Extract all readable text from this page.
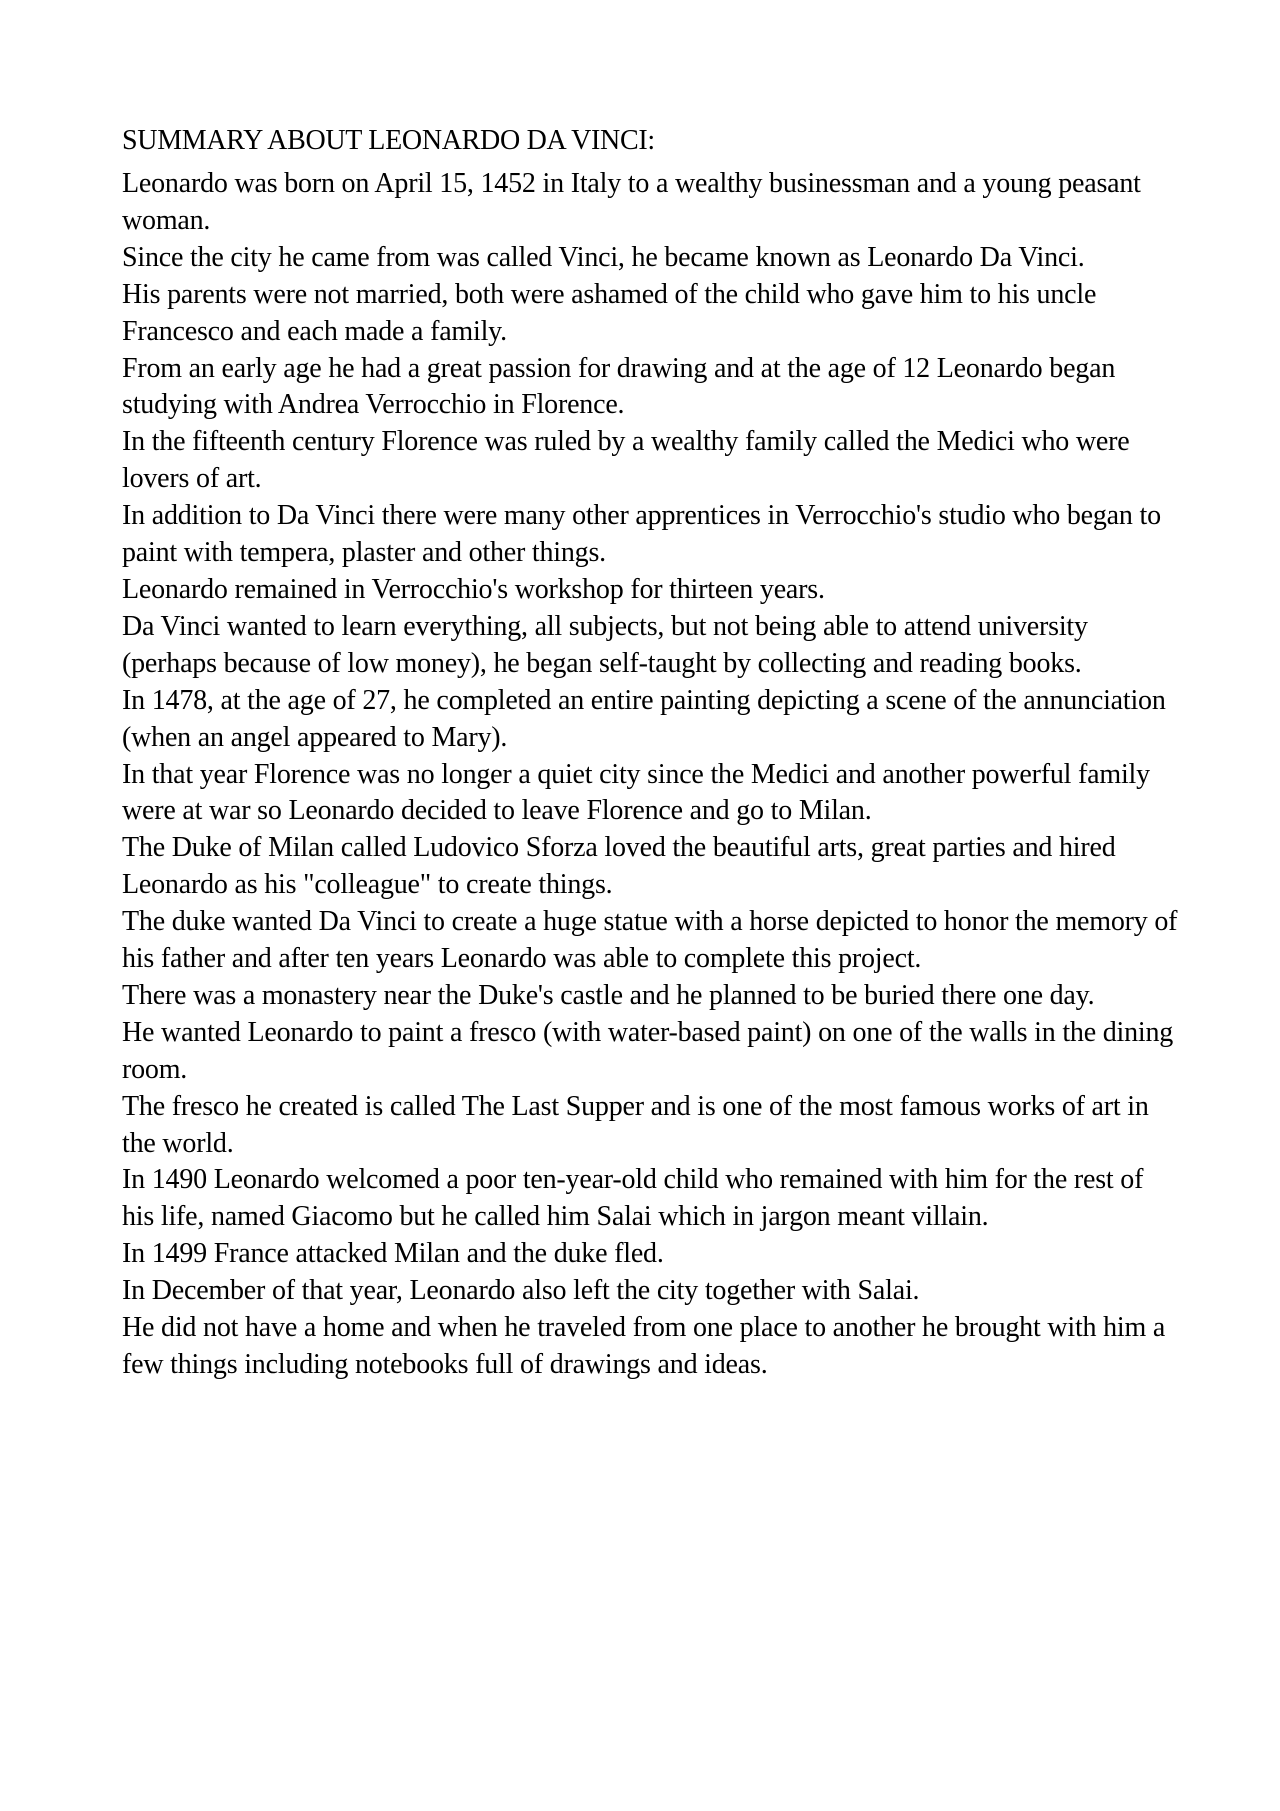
SUMMARY ABOUT LEONARDO DA VINCI:

Leonardo was born on April 15, 1452 in Italy to a wealthy businessman and a young peasant woman.

Since the city he came from was called Vinci, he became known as Leonardo Da Vinci.

His parents were not married, both were ashamed of the child who gave him to his uncle Francesco and each made a family.

From an early age he had a great passion for drawing and at the age of 12 Leonardo began studying with Andrea Verrocchio in Florence.

In the fifteenth century Florence was ruled by a wealthy family called the Medici who were lovers of art.

In addition to Da Vinci there were many other apprentices in Verrocchio's studio who began to paint with tempera, plaster and other things.

Leonardo remained in Verrocchio's workshop for thirteen years.

Da Vinci wanted to learn everything, all subjects, but not being able to attend university (perhaps because of low money), he began self-taught by collecting and reading books.

In 1478, at the age of 27, he completed an entire painting depicting a scene of the annunciation (when an angel appeared to Mary).

In that year Florence was no longer a quiet city since the Medici and another powerful family were at war so Leonardo decided to leave Florence and go to Milan.

The Duke of Milan called Ludovico Sforza loved the beautiful arts, great parties and hired Leonardo as his "colleague" to create things.

The duke wanted Da Vinci to create a huge statue with a horse depicted to honor the memory of his father and after ten years Leonardo was able to complete this project.

There was a monastery near the Duke's castle and he planned to be buried there one day.

He wanted Leonardo to paint a fresco (with water-based paint) on one of the walls in the dining room.

The fresco he created is called The Last Supper and is one of the most famous works of art in the world.

In 1490 Leonardo welcomed a poor ten-year-old child who remained with him for the rest of his life, named Giacomo but he called him Salai which in jargon meant villain.

In 1499 France attacked Milan and the duke fled.

In December of that year, Leonardo also left the city together with Salai.

He did not have a home and when he traveled from one place to another he brought with him a few things including notebooks full of drawings and ideas.
